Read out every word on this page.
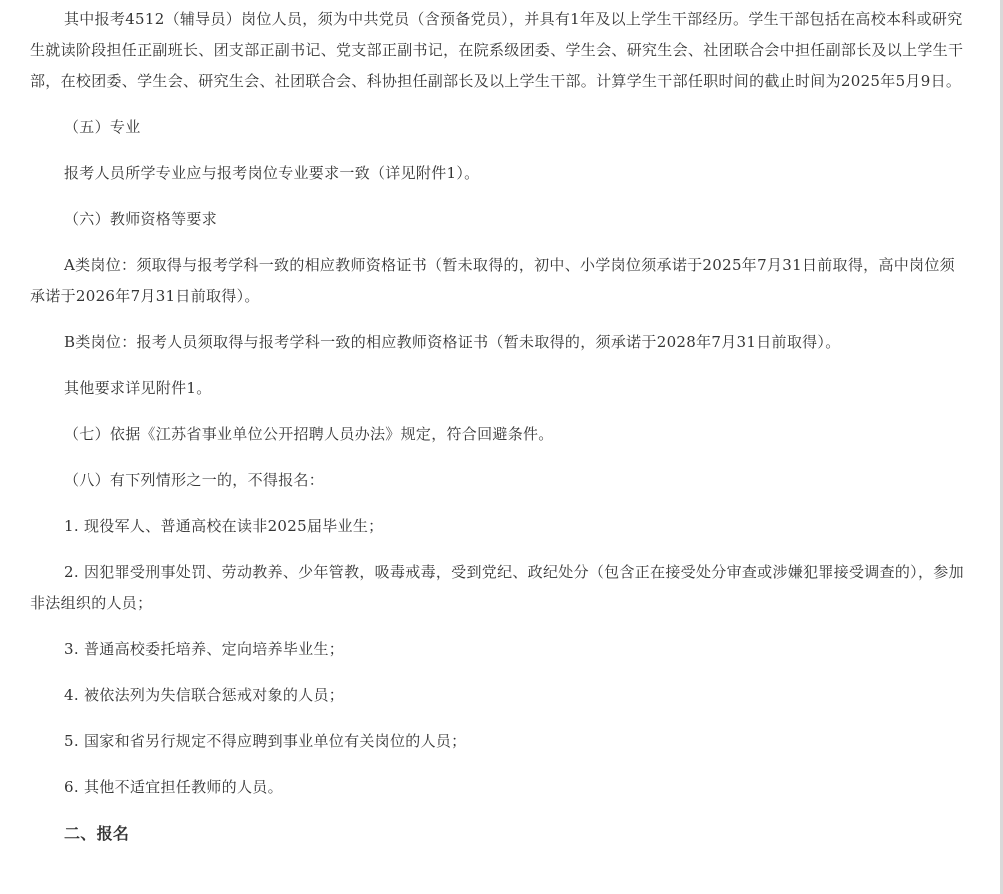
其中报考4512（辅导员）岗位人员，须为中共党员（含预备党员），并具有1年及以上学生干部经历。学生干部包括在高校本科或研究生就读阶段担任正副班长、团支部正副书记、党支部正副书记，在院系级团委、学生会、研究生会、社团联合会中担任副部长及以上学生干部，在校团委、学生会、研究生会、社团联合会、科协担任副部长及以上学生干部。计算学生干部任职时间的截止时间为2025年5月9日。

（五）专业

报考人员所学专业应与报考岗位专业要求一致（详见附件1）。

（六）教师资格等要求

A类岗位：须取得与报考学科一致的相应教师资格证书（暂未取得的，初中、小学岗位须承诺于2025年7月31日前取得，高中岗位须承诺于2026年7月31日前取得）。

B类岗位：报考人员须取得与报考学科一致的相应教师资格证书（暂未取得的，须承诺于2028年7月31日前取得）。

其他要求详见附件1。

（七）依据《江苏省事业单位公开招聘人员办法》规定，符合回避条件。

（八）有下列情形之一的，不得报名：

1. 现役军人、普通高校在读非2025届毕业生；

2. 因犯罪受刑事处罚、劳动教养、少年管教，吸毒戒毒，受到党纪、政纪处分（包含正在接受处分审查或涉嫌犯罪接受调查的），参加非法组织的人员；

3. 普通高校委托培养、定向培养毕业生；

4. 被依法列为失信联合惩戒对象的人员；

5. 国家和省另行规定不得应聘到事业单位有关岗位的人员；

6. 其他不适宜担任教师的人员。

二、报名
